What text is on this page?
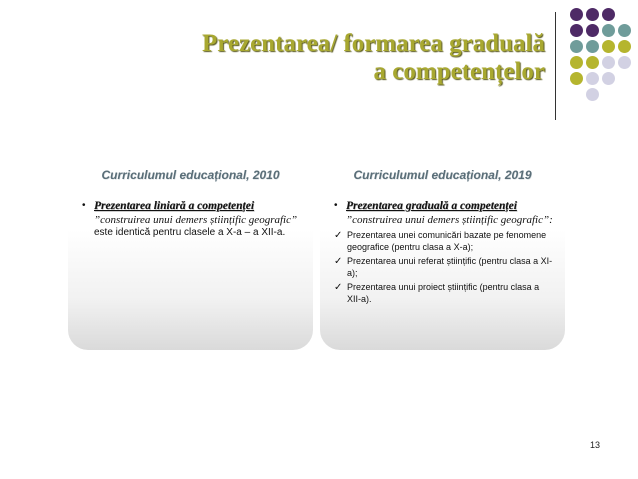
Prezentarea/ formarea graduală
a competențelor
Curriculumul educațional, 2010
• Prezentarea liniară a competenței
”construirea unui demers științific geografic” este identică pentru clasele a X-a – a XII-a.
Curriculumul educațional, 2019
• Prezentarea graduală a competenței ”construirea unui demers științific geografic”:
✓ Prezentarea unei comunicări bazate pe fenomene geografice (pentru clasa a X-a);
✓ Prezentarea unui referat științific (pentru clasa a XI-a);
✓ Prezentarea unui proiect științific (pentru clasa a XII-a).
13
